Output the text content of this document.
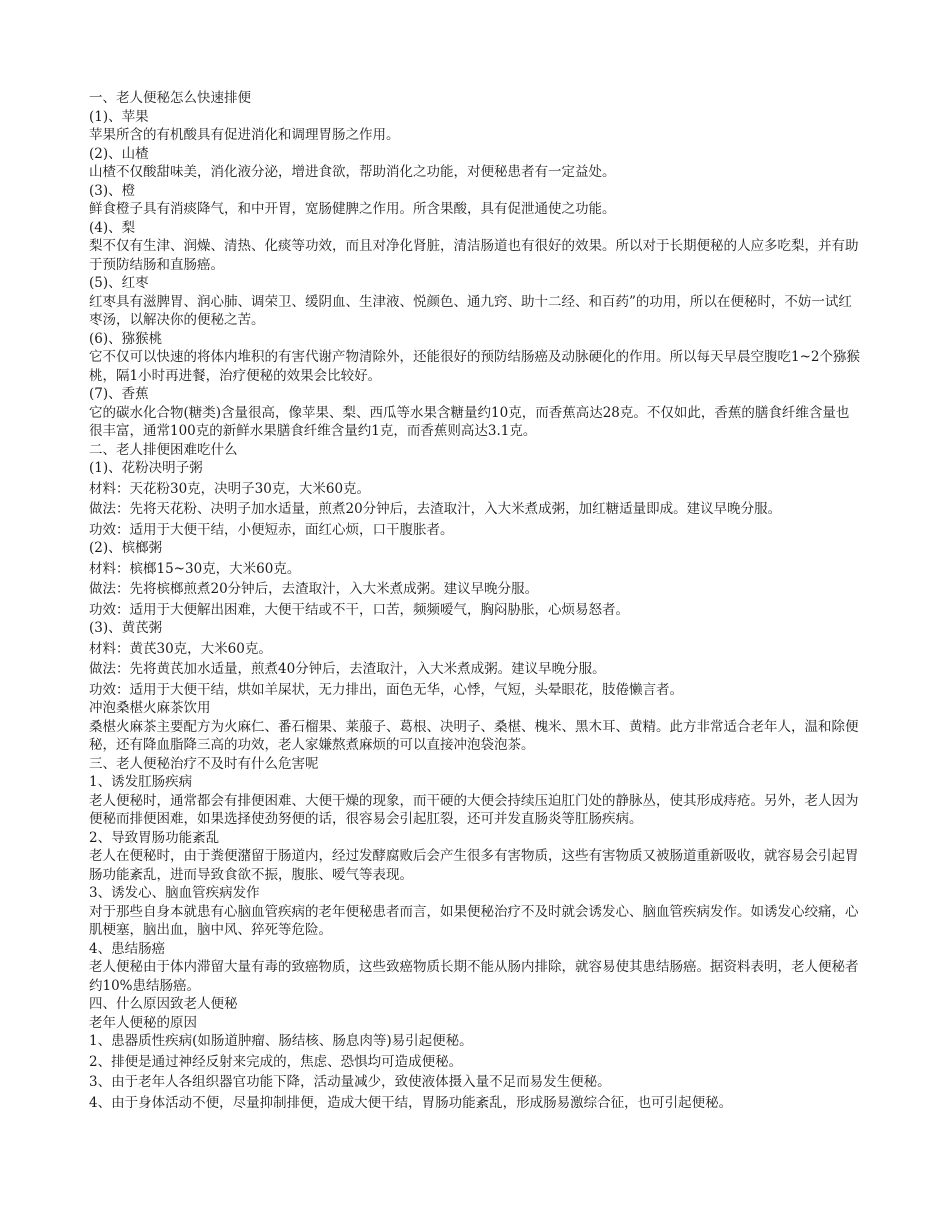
一、老人便秘怎么快速排便

(1)、苹果

苹果所含的有机酸具有促进消化和调理胃肠之作用。

(2)、山楂

山楂不仅酸甜味美，消化液分泌，增进食欲，帮助消化之功能，对便秘患者有一定益处。

(3)、橙

鲜食橙子具有消痰降气，和中开胃，宽肠健脾之作用。所含果酸，具有促泄通使之功能。

(4)、梨

梨不仅有生津、润燥、清热、化痰等功效，而且对净化肾脏，清洁肠道也有很好的效果。所以对于长期便秘的人应多吃梨，并有助于预防结肠和直肠癌。

(5)、红枣

红枣具有滋脾胃、润心肺、调荣卫、缓阴血、生津液、悦颜色、通九窍、助十二经、和百药”的功用，所以在便秘时，不妨一试红枣汤，以解决你的便秘之苦。

(6)、猕猴桃

它不仅可以快速的将体内堆积的有害代谢产物清除外，还能很好的预防结肠癌及动脉硬化的作用。所以每天早晨空腹吃1~2个猕猴桃，隔1小时再进餐，治疗便秘的效果会比较好。

(7)、香蕉

它的碳水化合物(糖类)含量很高，像苹果、梨、西瓜等水果含糖量约10克，而香蕉高达28克。不仅如此，香蕉的膳食纤维含量也很丰富，通常100克的新鲜水果膳食纤维含量约1克，而香蕉则高达3.1克。

二、老人排便困难吃什么

(1)、花粉决明子粥

材料：天花粉30克，决明子30克，大米60克。

做法：先将天花粉、决明子加水适量，煎煮20分钟后，去渣取汁，入大米煮成粥，加红糖适量即成。建议早晚分服。

功效：适用于大便干结，小便短赤，面红心烦，口干腹胀者。

(2)、槟榔粥

材料：槟榔15~30克，大米60克。

做法：先将槟榔煎煮20分钟后，去渣取汁，入大米煮成粥。建议早晚分服。

功效：适用于大便解出困难，大便干结或不干，口苦，频频嗳气，胸闷胁胀，心烦易怒者。

(3)、黄芪粥

材料：黄芪30克，大米60克。

做法：先将黄芪加水适量，煎煮40分钟后，去渣取汁，入大米煮成粥。建议早晚分服。

功效：适用于大便干结，烘如羊屎状，无力排出，面色无华，心悸，气短，头晕眼花，肢倦懒言者。

冲泡桑椹火麻茶饮用

桑椹火麻茶主要配方为火麻仁、番石榴果、莱菔子、葛根、决明子、桑椹、槐米、黑木耳、黄精。此方非常适合老年人，温和除便秘，还有降血脂降三高的功效，老人家嫌熬煮麻烦的可以直接冲泡袋泡茶。

三、老人便秘治疗不及时有什么危害呢

1、诱发肛肠疾病

老人便秘时，通常都会有排便困难、大便干燥的现象，而干硬的大便会持续压迫肛门处的静脉丛，使其形成痔疮。另外，老人因为便秘而排便困难，如果选择使劲努便的话，很容易会引起肛裂，还可并发直肠炎等肛肠疾病。

2、导致胃肠功能紊乱

老人在便秘时，由于粪便潴留于肠道内，经过发酵腐败后会产生很多有害物质，这些有害物质又被肠道重新吸收，就容易会引起胃肠功能紊乱，进而导致食欲不振，腹胀、嗳气等表现。

3、诱发心、脑血管疾病发作

对于那些自身本就患有心脑血管疾病的老年便秘患者而言，如果便秘治疗不及时就会诱发心、脑血管疾病发作。如诱发心绞痛，心肌梗塞，脑出血，脑中风、猝死等危险。

4、患结肠癌

老人便秘由于体内滞留大量有毒的致癌物质，这些致癌物质长期不能从肠内排除，就容易使其患结肠癌。据资料表明，老人便秘者约10%患结肠癌。

四、什么原因致老人便秘

老年人便秘的原因

1、患器质性疾病(如肠道肿瘤、肠结核、肠息肉等)易引起便秘。

2、排便是通过神经反射来完成的，焦虑、恐惧均可造成便秘。

3、由于老年人各组织器官功能下降，活动量减少，致使液体摄入量不足而易发生便秘。

4、由于身体活动不便，尽量抑制排便，造成大便干结，胃肠功能紊乱，形成肠易激综合征，也可引起便秘。
